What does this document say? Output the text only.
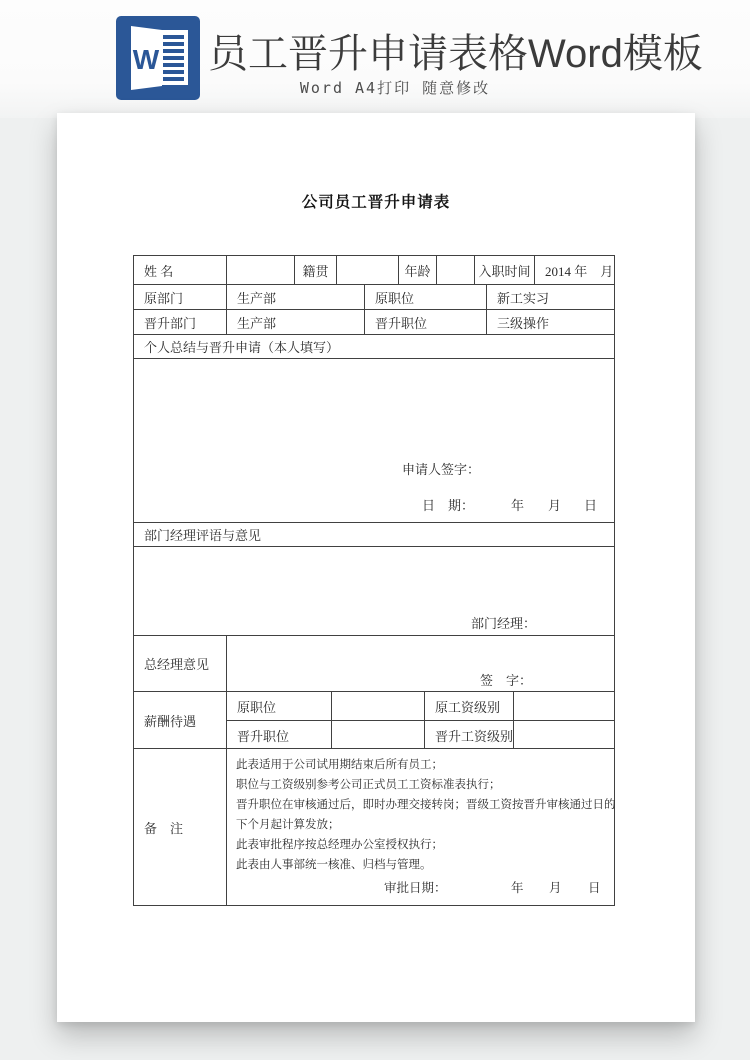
W 员工晋升申请表格Word模板
Word A4打印 随意修改
公司员工晋升申请表
姓 名	籍贯	年龄	入职时间	2014 年　月
原部门	生产部	原职位	新工实习
晋升部门	生产部	晋升职位	三级操作
个人总结与晋升申请（本人填写）
申请人签字：
日　期：	年 月 日
部门经理评语与意见
部门经理：
总经理意见
签　字：
薪酬待遇
原职位	原工资级别
晋升职位	晋升工资级别
备　注
此表适用于公司试用期结束后所有员工；
职位与工资级别参考公司正式员工工资标准表执行；
晋升职位在审核通过后，即时办理交接转岗；晋级工资按晋升审核通过日的
下个月起计算发放；
此表审批程序按总经理办公室授权执行；
此表由人事部统一核准、归档与管理。
审批日期：	年 月 日
